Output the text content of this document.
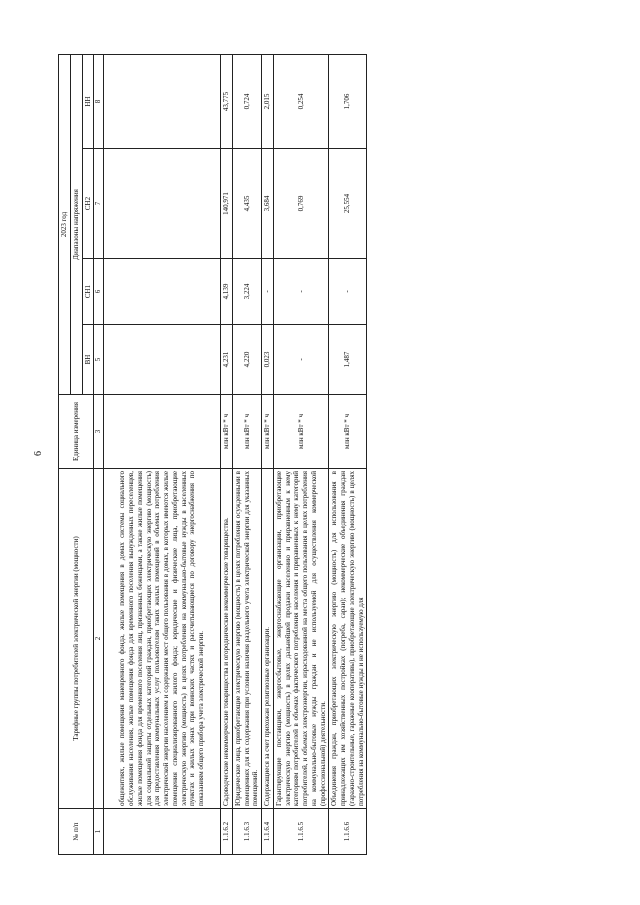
6
№ п/п	Тарифные группы потребителей электрической энергии (мощности)	Единица измерения	2023 год			
			Диапазоны напряжения			
			ВН	СН1	СН2	НН
1	2	3	5	6	7	8
	общежитиях, жилые помещения маневренного фонда, жилые помещения в домах системы социального обслуживания населения, жилые помещения фонда для временного поселения вынужденных переселенцев, жилые помещения фонда для временного поселения лиц, признанных беженцами, а также жилые помещения для социальной защиты отдельных категорий граждан, приобретающих электрическую энергию (мощность) для предоставления коммунальных услуг пользователям таких жилых помещений в объемах потребления электрической энергии населением и содержания мест общего пользования в домах, в которых имеются жилые помещения специализированного жилого фонда; юридические и физические лица, приобретающие электрическую энергию (мощность) в целях потребления на коммунально-бытовые нужды в населенных пунктах и жилых зонах при воинских частях и рассчитывающиеся по договору энергоснабжения по показаниям общего прибора учета электрической энергии.					
1.1.6.2	Садоводческие некоммерческие товарищества и огороднические некоммерческие товарищества.	млн кВт * ч	4,231	4,139	140,971	43,775
1.1.6.3	Юридические лица, приобретающие электрическую энергию (мощность) в целях потребления осужденными в помещениях для их содержания при условии наличия раздельного учета электрической энергии для указанных помещений.	млн кВт * ч	4,220	3,224	4,435	0,724
1.1.6.4	Содержащиеся за счет прихожан религиозные организации.	млн кВт * ч	0,023	-	3,684	2,015
1.1.6.5	Гарантирующие поставщики, энергосбытовые, энергоснабжающие организации, приобретающие электрическую энергию (мощность) в целях дальнейшей продажи населению и приравненным к нему категориям потребителей в объемах фактического потребления населения и приравненных к нему категорий потребителей, и объемах электроэнергии, израсходованной на места общего пользования в целях потребления на коммунально-бытовые нужды граждан и не используемой для осуществления коммерческой (профессиональной) деятельности.	млн кВт * ч	-	-	0,769	0,254
1.1.6.6	Объединения граждан, приобретающих электрическую энергию (мощность) для использования в принадлежащих им хозяйственных постройках (погреба, сараи); некоммерческие объединения граждан (гаражно-строительные, гаражные кооперативы), приобретающие электрическую энергию (мощность) в целях потребления на коммунально-бытовые нужды и не используемую для	млн кВт * ч	1,487	-	25,554	1,706
